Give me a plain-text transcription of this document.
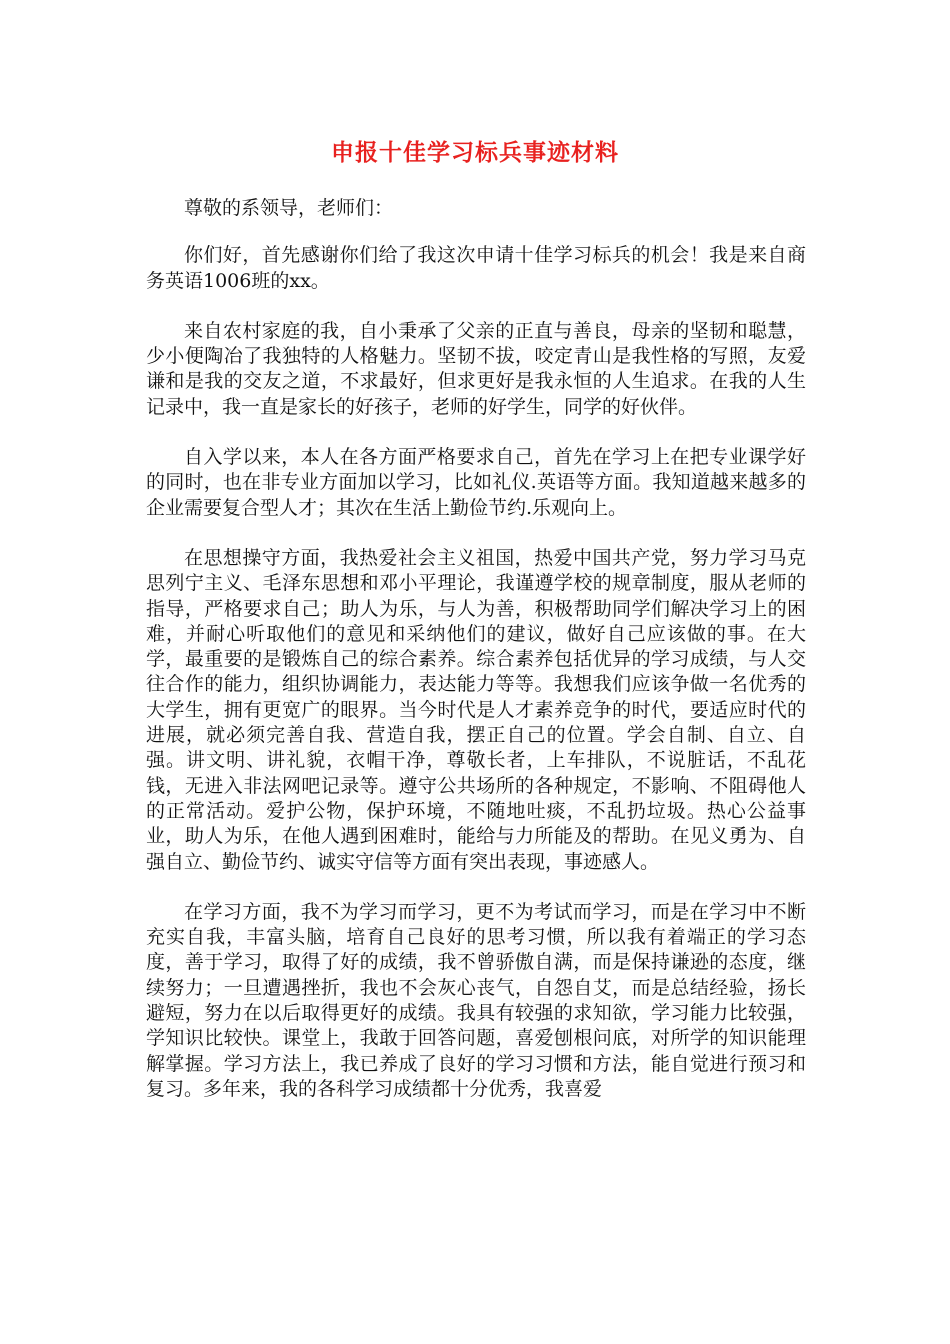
申报十佳学习标兵事迹材料

尊敬的系领导，老师们：

你们好，首先感谢你们给了我这次申请十佳学习标兵的机会！我是来自商务英语1006班的xx。

来自农村家庭的我，自小秉承了父亲的正直与善良，母亲的坚韧和聪慧，少小便陶冶了我独特的人格魅力。坚韧不拔，咬定青山是我性格的写照，友爱谦和是我的交友之道，不求最好，但求更好是我永恒的人生追求。在我的人生记录中，我一直是家长的好孩子，老师的好学生，同学的好伙伴。

自入学以来，本人在各方面严格要求自己，首先在学习上在把专业课学好的同时，也在非专业方面加以学习，比如礼仪.英语等方面。我知道越来越多的企业需要复合型人才；其次在生活上勤俭节约.乐观向上。

在思想操守方面，我热爱社会主义祖国，热爱中国共产党，努力学习马克思列宁主义、毛泽东思想和邓小平理论，我谨遵学校的规章制度，服从老师的指导，严格要求自己；助人为乐，与人为善，积极帮助同学们解决学习上的困难，并耐心听取他们的意见和采纳他们的建议，做好自己应该做的事。在大学，最重要的是锻炼自己的综合素养。综合素养包括优异的学习成绩，与人交往合作的能力，组织协调能力，表达能力等等。我想我们应该争做一名优秀的大学生，拥有更宽广的眼界。当今时代是人才素养竞争的时代，要适应时代的进展，就必须完善自我、营造自我，摆正自己的位置。学会自制、自立、自强。讲文明、讲礼貌，衣帽干净，尊敬长者，上车排队，不说脏话，不乱花钱，无进入非法网吧记录等。遵守公共场所的各种规定，不影响、不阻碍他人的正常活动。爱护公物，保护环境，不随地吐痰，不乱扔垃圾。热心公益事业，助人为乐，在他人遇到困难时，能给与力所能及的帮助。在见义勇为、自强自立、勤俭节约、诚实守信等方面有突出表现，事迹感人。

在学习方面，我不为学习而学习，更不为考试而学习，而是在学习中不断充实自我，丰富头脑，培育自己良好的思考习惯，所以我有着端正的学习态度，善于学习，取得了好的成绩，我不曾骄傲自满，而是保持谦逊的态度，继续努力；一旦遭遇挫折，我也不会灰心丧气，自怨自艾，而是总结经验，扬长避短，努力在以后取得更好的成绩。我具有较强的求知欲，学习能力比较强，学知识比较快。课堂上，我敢于回答问题，喜爱刨根问底，对所学的知识能理解掌握。学习方法上，我已养成了良好的学习习惯和方法，能自觉进行预习和复习。多年来，我的各科学习成绩都十分优秀，我喜爱
